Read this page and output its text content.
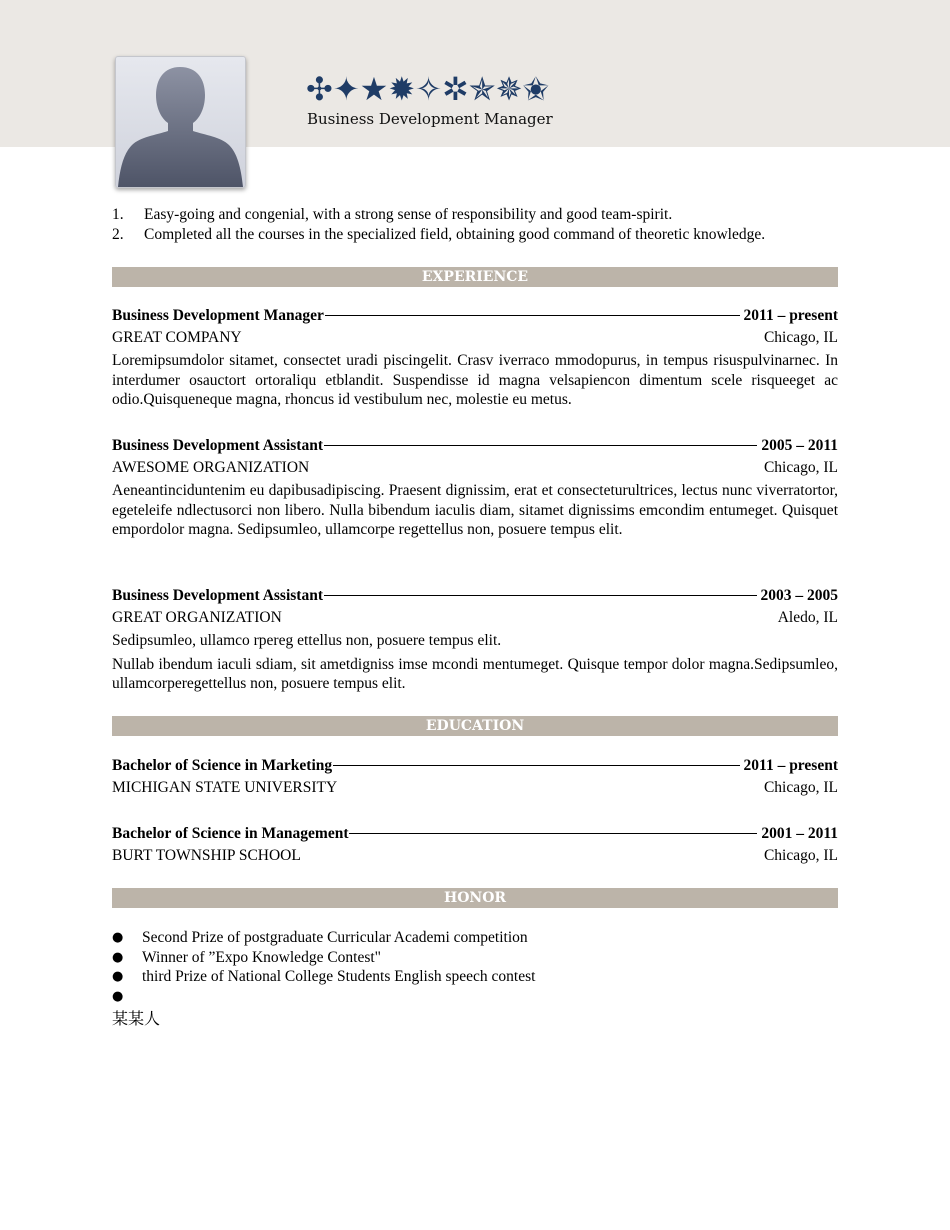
✣✦★✹✧✲✯✵✬
Business Development Manager
1.	Easy-going and congenial, with a strong sense of responsibility and good team-spirit.
2.	Completed all the courses in the specialized field, obtaining good command of theoretic knowledge.
EXPERIENCE
Business Development Manager	2011 – present
GREAT COMPANY	Chicago, IL
Loremipsumdolor sitamet, consectet uradi piscingelit. Crasv iverraco mmodopurus, in tempus risuspulvinarnec. In interdumer osauctort ortoraliqu etblandit. Suspendisse id magna velsapiencon dimentum scele risqueeget ac odio.Quisqueneque magna, rhoncus id vestibulum nec, molestie eu metus.
Business Development Assistant	2005 – 2011
AWESOME ORGANIZATION	Chicago, IL
Aeneantinciduntenim eu dapibusadipiscing. Praesent dignissim, erat et consecteturultrices, lectus nunc viverratortor, egeteleife ndlectusorci non libero. Nulla bibendum iaculis diam, sitamet dignissims emcondim entumeget. Quisquet empordolor magna. Sedipsumleo, ullamcorpe regettellus non, posuere tempus elit.
Business Development Assistant	2003 – 2005
GREAT ORGANIZATION	Aledo, IL
Sedipsumleo, ullamco rpereg ettellus non, posuere tempus elit.
Nullab ibendum iaculi sdiam, sit ametdigniss imse mcondi mentumeget. Quisque tempor dolor magna.Sedipsumleo, ullamcorperegettellus non, posuere tempus elit.
EDUCATION
Bachelor of Science in Marketing	2011 – present
MICHIGAN STATE UNIVERSITY	Chicago, IL
Bachelor of Science in Management	2001 – 2011
BURT TOWNSHIP SCHOOL	Chicago, IL
HONOR
●	Second Prize of postgraduate Curricular Academi competition
●	Winner of ”Expo Knowledge Contest"
●	third Prize of National College Students English speech contest
●
某某人
